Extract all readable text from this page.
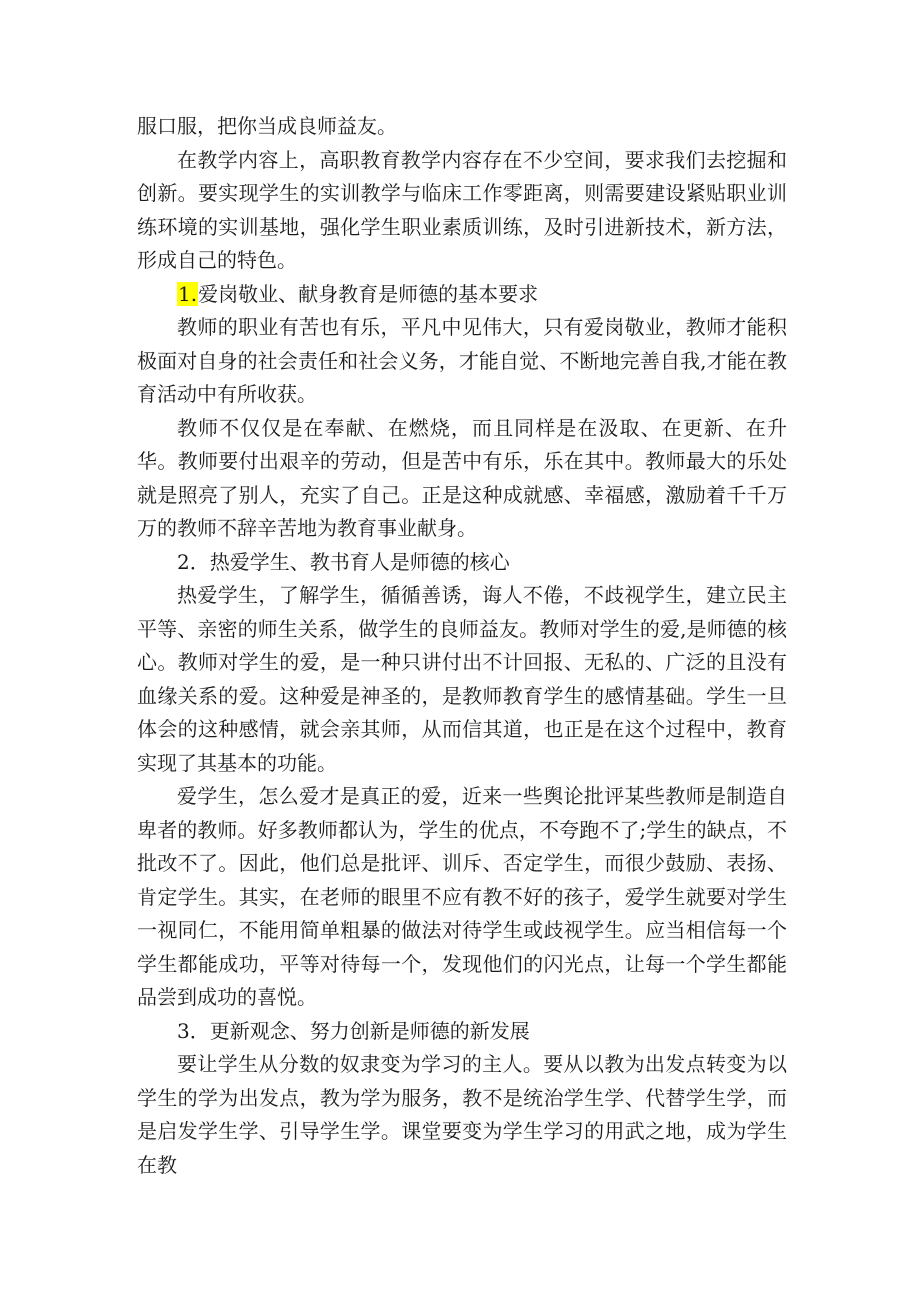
服口服，把你当成良师益友。

在教学内容上，高职教育教学内容存在不少空间，要求我们去挖掘和创新。要实现学生的实训教学与临床工作零距离，则需要建设紧贴职业训练环境的实训基地，强化学生职业素质训练，及时引进新技术，新方法，形成自己的特色。

1.爱岗敬业、献身教育是师德的基本要求

教师的职业有苦也有乐，平凡中见伟大，只有爱岗敬业，教师才能积极面对自身的社会责任和社会义务，才能自觉、不断地完善自我,才能在教育活动中有所收获。

教师不仅仅是在奉献、在燃烧，而且同样是在汲取、在更新、在升华。教师要付出艰辛的劳动，但是苦中有乐，乐在其中。教师最大的乐处就是照亮了别人，充实了自己。正是这种成就感、幸福感，激励着千千万万的教师不辞辛苦地为教育事业献身。

2．热爱学生、教书育人是师德的核心

热爱学生，了解学生，循循善诱，诲人不倦，不歧视学生，建立民主平等、亲密的师生关系，做学生的良师益友。教师对学生的爱,是师德的核心。教师对学生的爱，是一种只讲付出不计回报、无私的、广泛的且没有血缘关系的爱。这种爱是神圣的，是教师教育学生的感情基础。学生一旦体会的这种感情，就会亲其师，从而信其道，也正是在这个过程中，教育实现了其基本的功能。

爱学生，怎么爱才是真正的爱，近来一些舆论批评某些教师是制造自卑者的教师。好多教师都认为，学生的优点，不夸跑不了;学生的缺点，不批改不了。因此，他们总是批评、训斥、否定学生，而很少鼓励、表扬、肯定学生。其实，在老师的眼里不应有教不好的孩子，爱学生就要对学生一视同仁，不能用简单粗暴的做法对待学生或歧视学生。应当相信每一个学生都能成功，平等对待每一个，发现他们的闪光点，让每一个学生都能品尝到成功的喜悦。

3．更新观念、努力创新是师德的新发展

要让学生从分数的奴隶变为学习的主人。要从以教为出发点转变为以学生的学为出发点，教为学为服务，教不是统治学生学、代替学生学，而是启发学生学、引导学生学。课堂要变为学生学习的用武之地，成为学生在教
